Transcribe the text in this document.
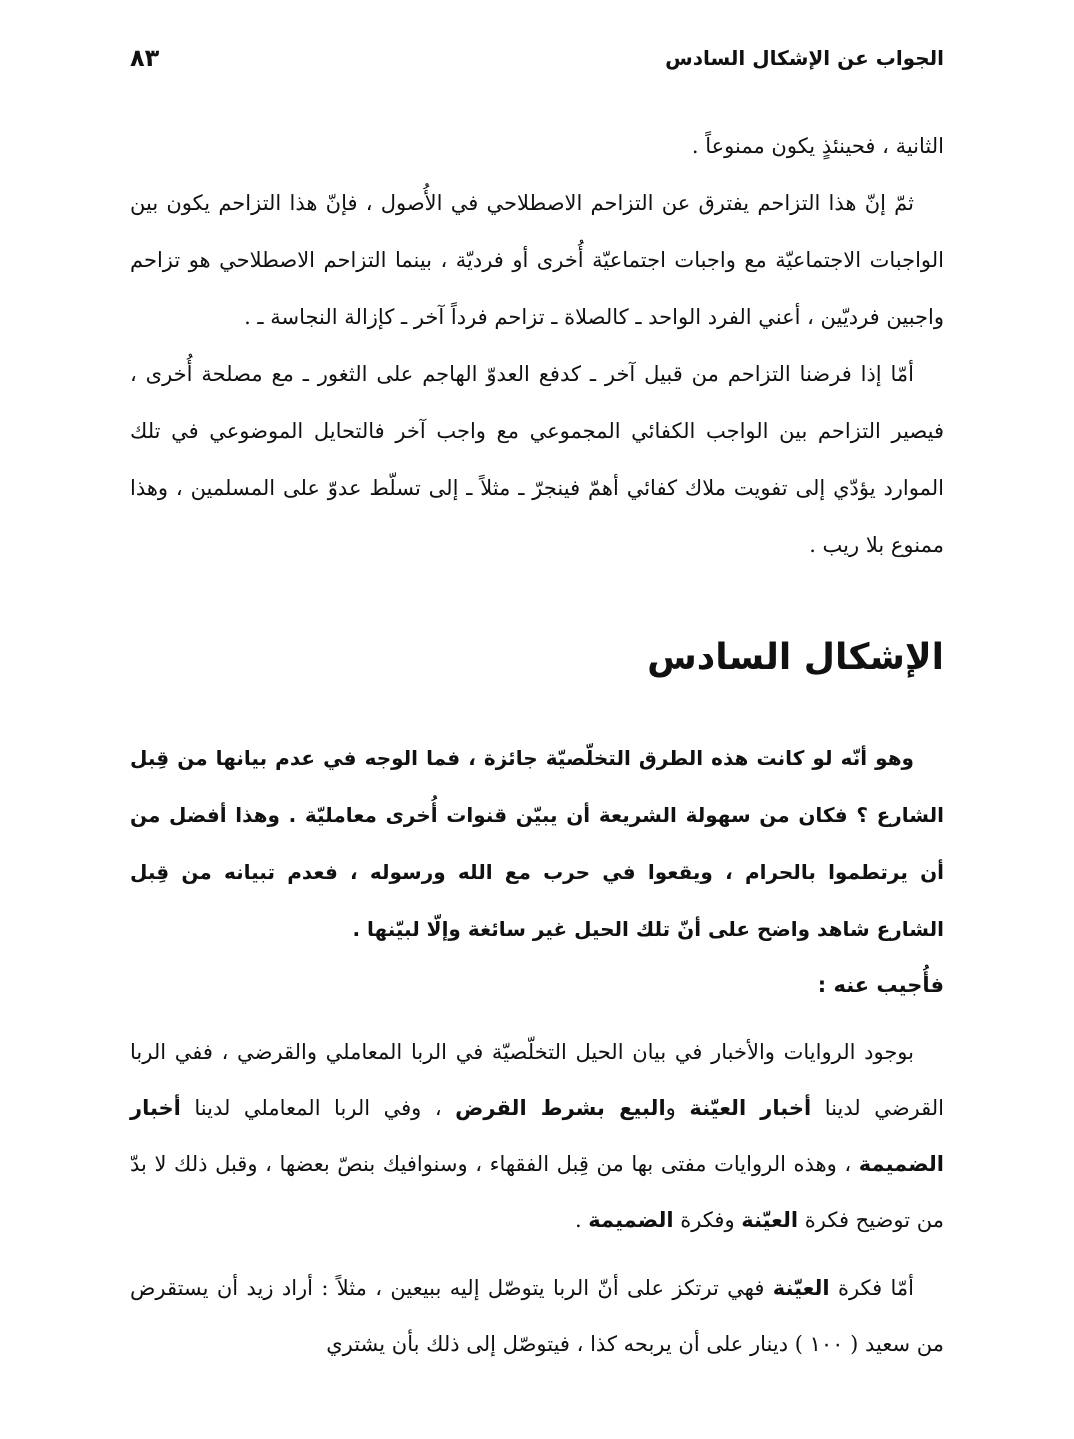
الجواب عن الإشكال السادس
٨٣

الثانية ، فحينئذٍ يكون ممنوعاً .

ثمّ إنّ هذا التزاحم يفترق عن التزاحم الاصطلاحي في الأُصول ، فإنّ هذا التزاحم يكون بين الواجبات الاجتماعيّة مع واجبات اجتماعيّة أُخرى أو فرديّة ، بينما التزاحم الاصطلاحي هو تزاحم واجبين فرديّين ، أعني الفرد الواحد ـ كالصلاة ـ تزاحم فرداً آخر ـ كإزالة النجاسة ـ .

أمّا إذا فرضنا التزاحم من قبيل آخر ـ كدفع العدوّ الهاجم على الثغور ـ مع مصلحة أُخرى ، فيصير التزاحم بين الواجب الكفائي المجموعي مع واجب آخر فالتحايل الموضوعي في تلك الموارد يؤدّي إلى تفويت ملاك كفائي أهمّ فينجرّ ـ مثلاً ـ إلى تسلّط عدوّ على المسلمين ، وهذا ممنوع بلا ريب .

الإشكال السادس

وهو أنّه لو كانت هذه الطرق التخلّصيّة جائزة ، فما الوجه في عدم بيانها من قِبل الشارع ؟ فكان من سهولة الشريعة أن يبيّن قنوات أُخرى معامليّة . وهذا أفضل من أن يرتطموا بالحرام ، ويقعوا في حرب مع الله ورسوله ، فعدم تبيانه من قِبل الشارع شاهد واضح على أنّ تلك الحيل غير سائغة وإلّا لبيّنها .

فأُجيب عنه :

بوجود الروايات والأخبار في بيان الحيل التخلّصيّة في الربا المعاملي والقرضي ، ففي الربا القرضي لدينا أخبار العيّنة والبيع بشرط القرض ، وفي الربا المعاملي لدينا أخبار الضميمة ، وهذه الروايات مفتى بها من قِبل الفقهاء ، وسنوافيك بنصّ بعضها ، وقبل ذلك لا بدّ من توضيح فكرة العيّنة وفكرة الضميمة .

أمّا فكرة العيّنة فهي ترتكز على أنّ الربا يتوصّل إليه ببيعين ، مثلاً : أراد زيد أن يستقرض من سعيد ( ١٠٠ ) دينار على أن يربحه كذا ، فيتوصّل إلى ذلك بأن يشتري
